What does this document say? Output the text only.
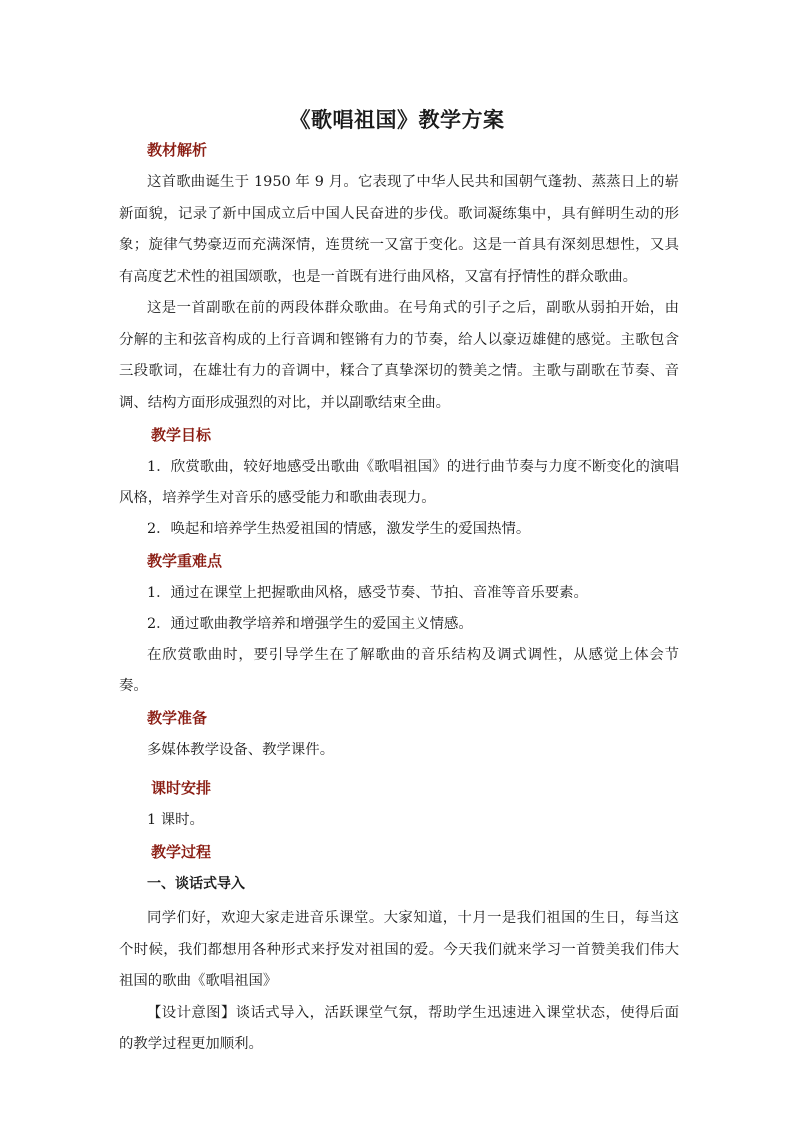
《歌唱祖国》教学方案
教材解析

这首歌曲诞生于 1950 年 9 月。它表现了中华人民共和国朝气蓬勃、蒸蒸日上的崭新面貌，记录了新中国成立后中国人民奋进的步伐。歌词凝练集中，具有鲜明生动的形象；旋律气势豪迈而充满深情，连贯统一又富于变化。这是一首具有深刻思想性，又具有高度艺术性的祖国颂歌，也是一首既有进行曲风格，又富有抒情性的群众歌曲。

这是一首副歌在前的两段体群众歌曲。在号角式的引子之后，副歌从弱拍开始，由分解的主和弦音构成的上行音调和铿锵有力的节奏，给人以豪迈雄健的感觉。主歌包含三段歌词，在雄壮有力的音调中，糅合了真挚深切的赞美之情。主歌与副歌在节奏、音调、结构方面形成强烈的对比，并以副歌结束全曲。

教学目标

1．欣赏歌曲，较好地感受出歌曲《歌唱祖国》的进行曲节奏与力度不断变化的演唱风格，培养学生对音乐的感受能力和歌曲表现力。

2．唤起和培养学生热爱祖国的情感，激发学生的爱国热情。

教学重难点

1．通过在课堂上把握歌曲风格，感受节奏、节拍、音准等音乐要素。

2．通过歌曲教学培养和增强学生的爱国主义情感。

在欣赏歌曲时，要引导学生在了解歌曲的音乐结构及调式调性，从感觉上体会节奏。

教学准备

多媒体教学设备、教学课件。

课时安排

1 课时。

教学过程
一、谈话式导入

同学们好，欢迎大家走进音乐课堂。大家知道，十月一是我们祖国的生日，每当这个时候，我们都想用各种形式来抒发对祖国的爱。今天我们就来学习一首赞美我们伟大祖国的歌曲《歌唱祖国》

【设计意图】谈话式导入，活跃课堂气氛，帮助学生迅速进入课堂状态，使得后面的教学过程更加顺利。
